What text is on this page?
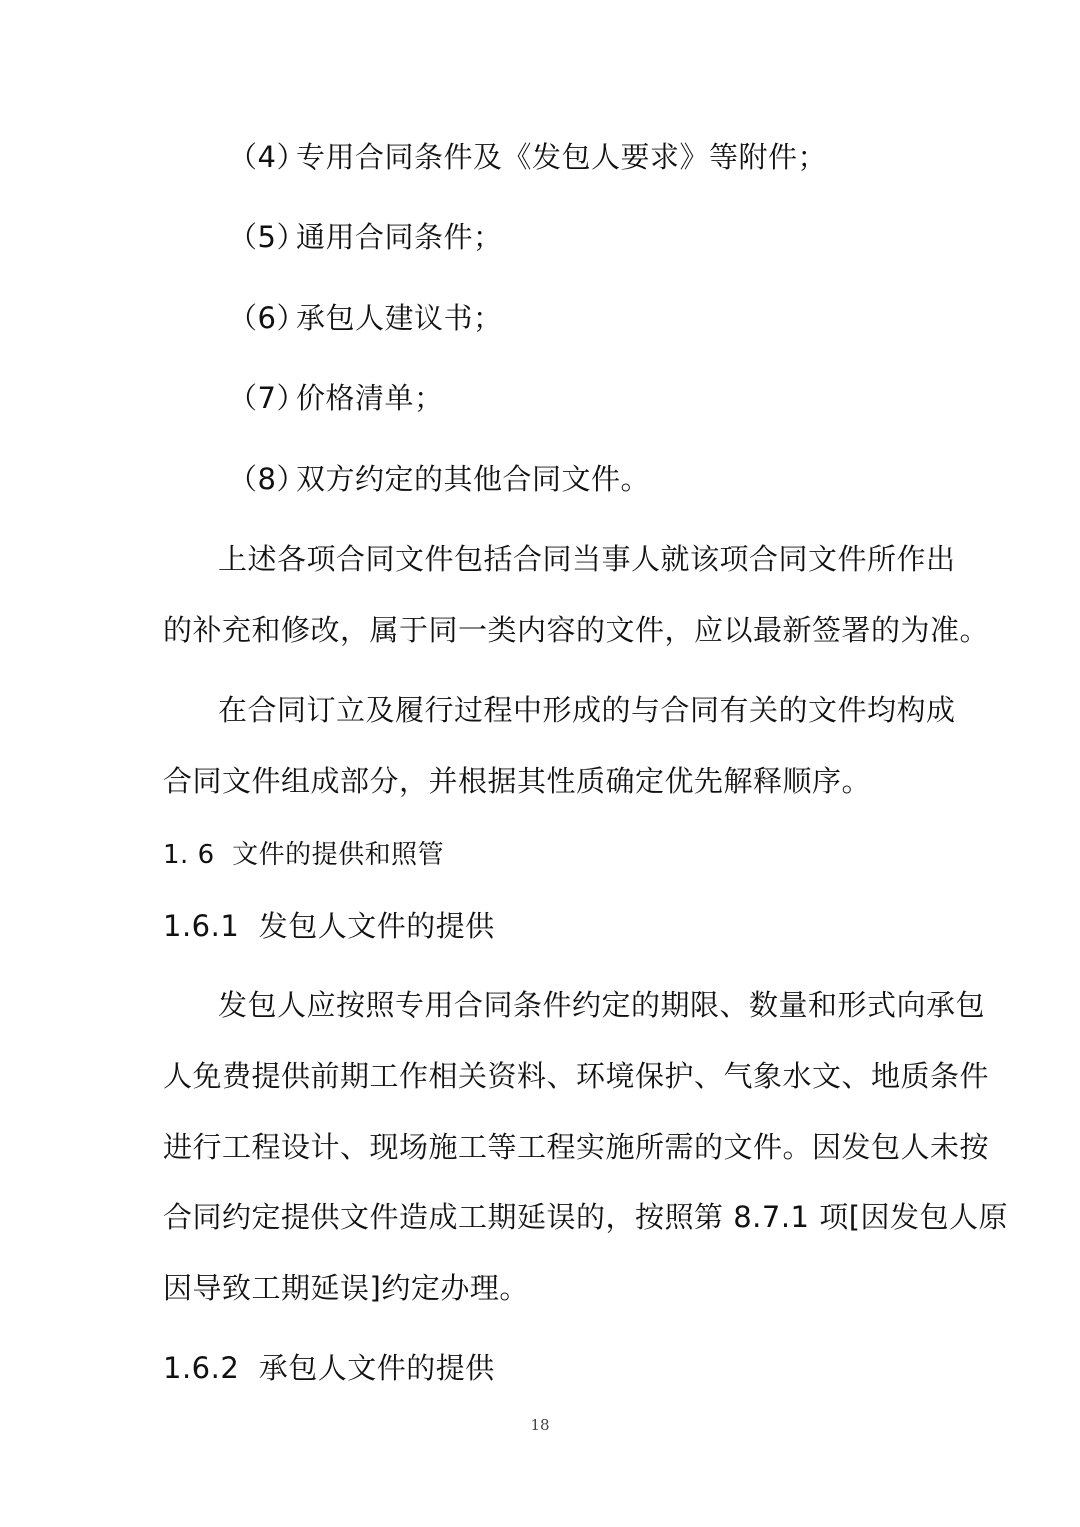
（4）专用合同条件及《发包人要求》等附件；
（5）通用合同条件；
（6）承包人建议书；
（7）价格清单；
（8）双方约定的其他合同文件。
上述各项合同文件包括合同当事人就该项合同文件所作出
的补充和修改，属于同一类内容的文件，应以最新签署的为准。
在合同订立及履行过程中形成的与合同有关的文件均构成
合同文件组成部分，并根据其性质确定优先解释顺序。
1. 6 文件的提供和照管
1.6.1 发包人文件的提供
发包人应按照专用合同条件约定的期限、数量和形式向承包
人免费提供前期工作相关资料、环境保护、气象水文、地质条件
进行工程设计、现场施工等工程实施所需的文件。因发包人未按
合同约定提供文件造成工期延误的，按照第 8.7.1 项[因发包人原
因导致工期延误]约定办理。
1.6.2 承包人文件的提供
18
